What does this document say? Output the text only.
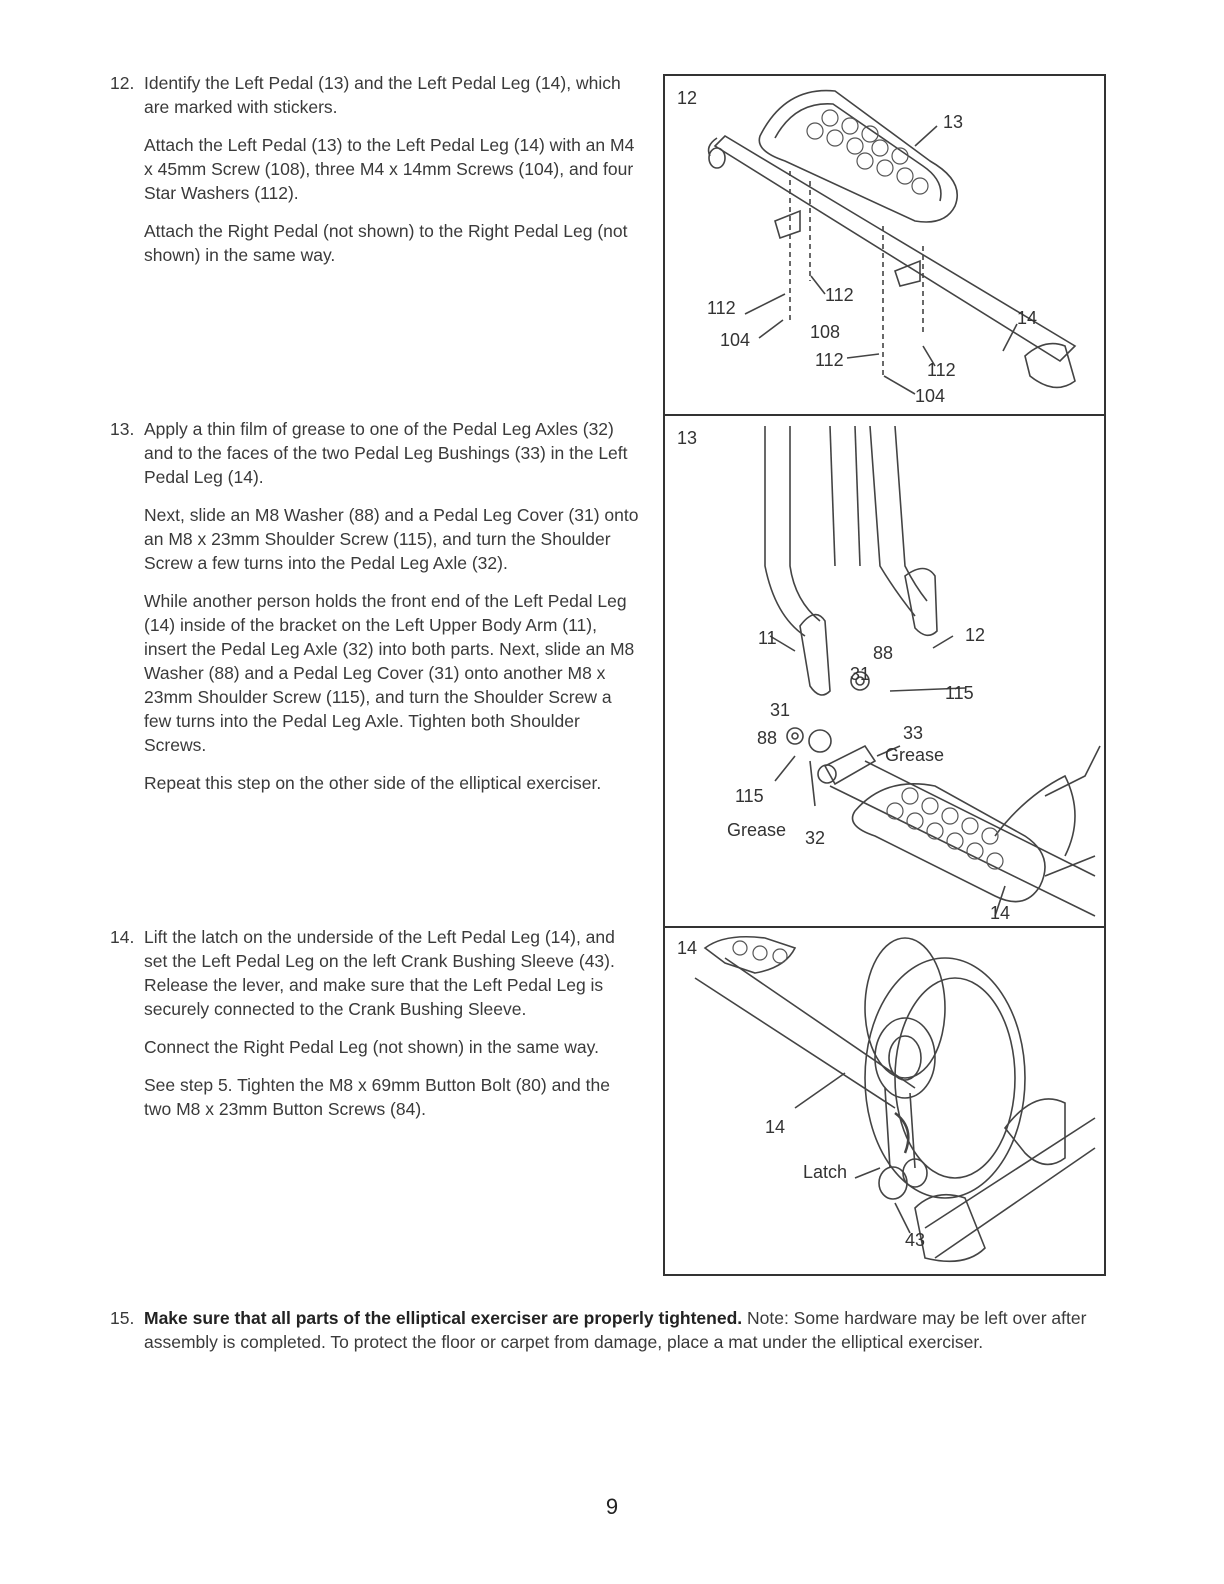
12. Identify the Left Pedal (13) and the Left Pedal Leg (14), which are marked with stickers.

Attach the Left Pedal (13) to the Left Pedal Leg (14) with an M4 x 45mm Screw (108), three M4 x 14mm Screws (104), and four Star Washers (112).

Attach the Right Pedal (not shown) to the Right Pedal Leg (not shown) in the same way.

13. Apply a thin film of grease to one of the Pedal Leg Axles (32) and to the faces of the two Pedal Leg Bushings (33) in the Left Pedal Leg (14).

Next, slide an M8 Washer (88) and a Pedal Leg Cover (31) onto an M8 x 23mm Shoulder Screw (115), and turn the Shoulder Screw a few turns into the Pedal Leg Axle (32).

While another person holds the front end of the Left Pedal Leg (14) inside of the bracket on the Left Upper Body Arm (11), insert the Pedal Leg Axle (32) into both parts. Next, slide an M8 Washer (88) and a Pedal Leg Cover (31) onto another M8 x 23mm Shoulder Screw (115), and turn the Shoulder Screw a few turns into the Pedal Leg Axle. Tighten both Shoulder Screws.

Repeat this step on the other side of the elliptical exerciser.

14. Lift the latch on the underside of the Left Pedal Leg (14), and set the Left Pedal Leg on the left Crank Bushing Sleeve (43). Release the lever, and make sure that the Left Pedal Leg is securely connected to the Crank Bushing Sleeve.

Connect the Right Pedal Leg (not shown) in the same way.

See step 5. Tighten the M8 x 69mm Button Bolt (80) and the two M8 x 23mm Button Screws (84).

12
13
112
112
104	108
14
112	112
104
13
11	12
88
31
115
31
88	33
Grease
115
Grease 32
14
14
14
Latch
43
15. Make sure that all parts of the elliptical exerciser are properly tightened. Note: Some hardware may be left over after assembly is completed. To protect the floor or carpet from damage, place a mat under the elliptical exerciser.

9
